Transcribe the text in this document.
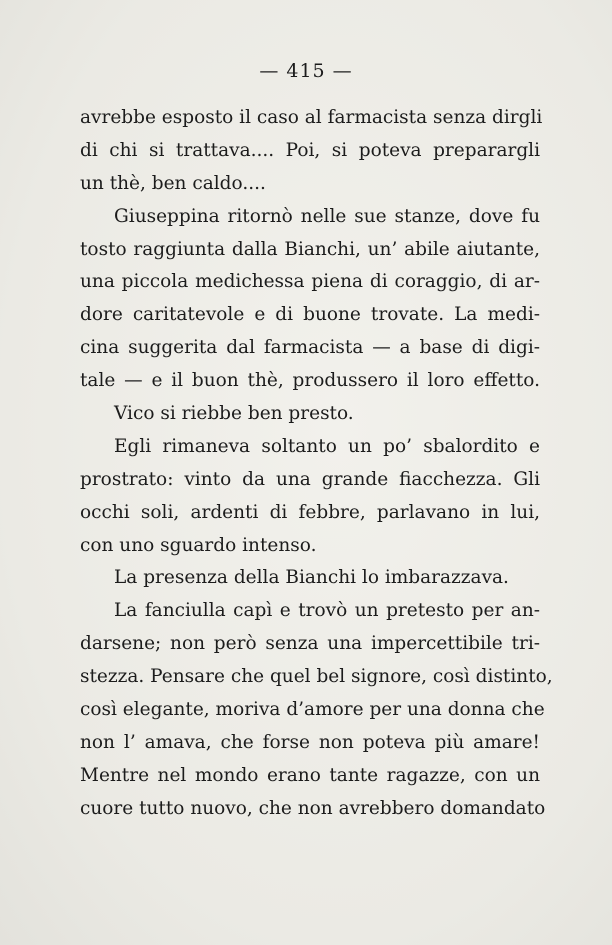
— 415 —
avrebbe esposto il caso al farmacista senza dirgli
di chi si trattava.... Poi, si poteva preparargli
un thè, ben caldo....
Giuseppina ritornò nelle sue stanze, dove fu
tosto raggiunta dalla Bianchi, un’ abile aiutante,
una piccola medichessa piena di coraggio, di ar-
dore caritatevole e di buone trovate. La medi-
cina suggerita dal farmacista — a base di digi-
tale — e il buon thè, produssero il loro effetto.
Vico si riebbe ben presto.
Egli rimaneva soltanto un po’ sbalordito e
prostrato: vinto da una grande fiacchezza. Gli
occhi soli, ardenti di febbre, parlavano in lui,
con uno sguardo intenso.
La presenza della Bianchi lo imbarazzava.
La fanciulla capì e trovò un pretesto per an-
darsene; non però senza una impercettibile tri-
stezza. Pensare che quel bel signore, così distinto,
così elegante, moriva d’amore per una donna che
non l’ amava, che forse non poteva più amare!
Mentre nel mondo erano tante ragazze, con un
cuore tutto nuovo, che non avrebbero domandato
